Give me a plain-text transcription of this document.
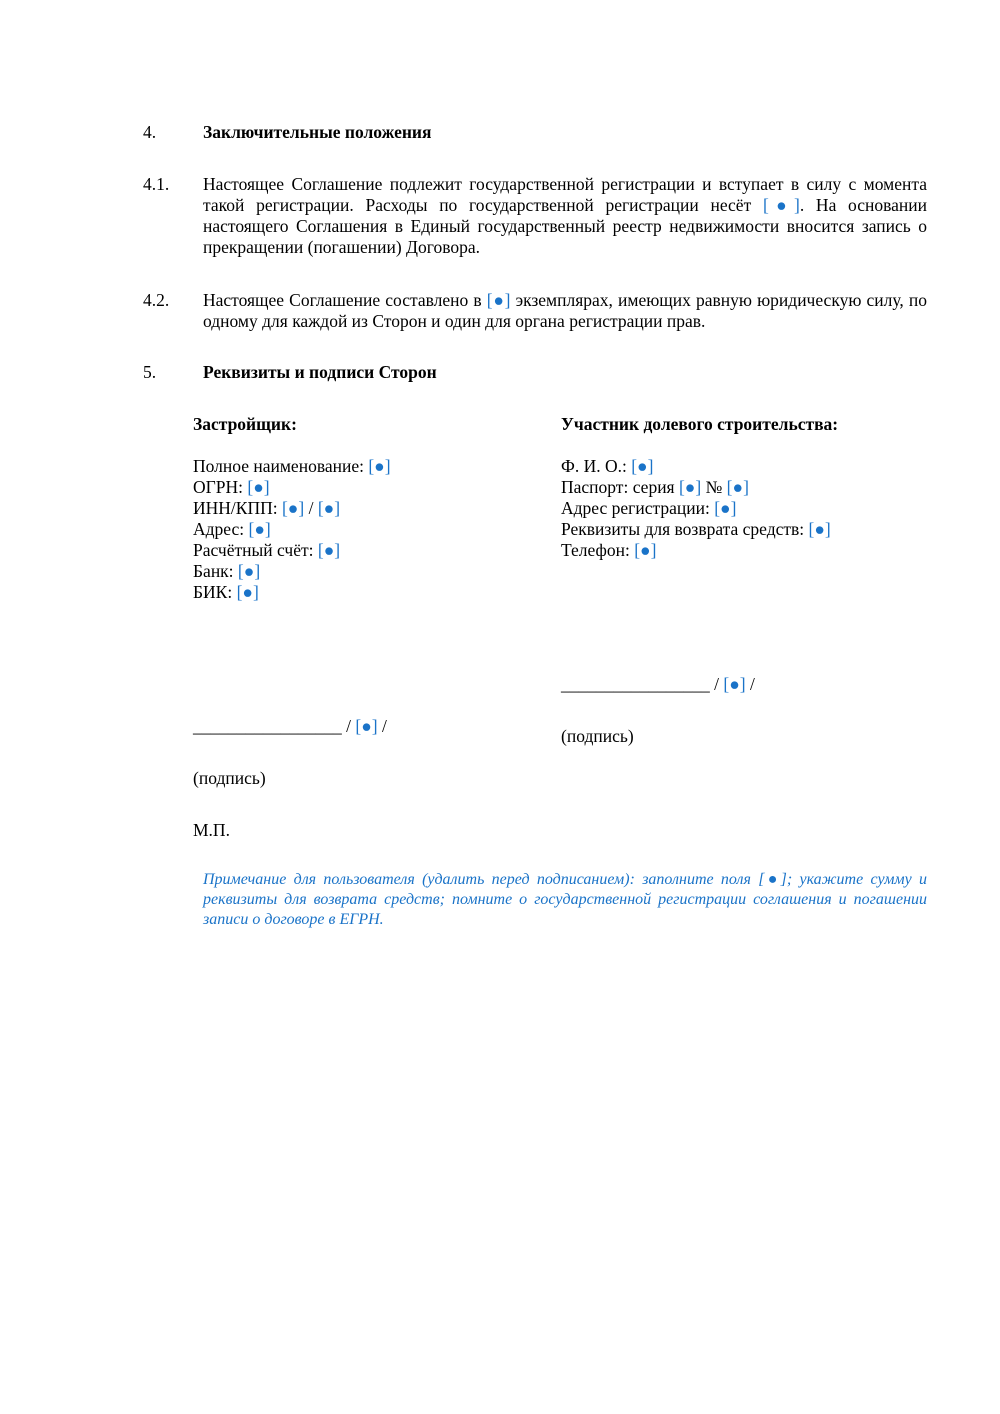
4.	Заключительные положения
4.1. Настоящее Соглашение подлежит государственной регистрации и вступает в силу с момента такой регистрации. Расходы по государственной регистрации несёт [●]. На основании настоящего Соглашения в Единый государственный реестр недвижимости вносится запись о прекращении (погашении) Договора.
4.2. Настоящее Соглашение составлено в [●] экземплярах, имеющих равную юридическую силу, по одному для каждой из Сторон и один для органа регистрации прав.
5.	Реквизиты и подписи Сторон
Застройщик:
Полное наименование: [●]
ОГРН: [●]
ИНН/КПП: [●] / [●]
Адрес: [●]
Расчётный счёт: [●]
Банк: [●]
БИК: [●]
_________________ / [●] /
(подпись)
М.П.
Участник долевого строительства:
Ф. И. О.: [●]
Паспорт: серия [●] № [●]
Адрес регистрации: [●]
Реквизиты для возврата средств: [●]
Телефон: [●]
_________________ / [●] /
(подпись)
Примечание для пользователя (удалить перед подписанием): заполните поля [●]; укажите сумму и реквизиты для возврата средств; помните о государственной регистрации соглашения и погашении записи о договоре в ЕГРН.
